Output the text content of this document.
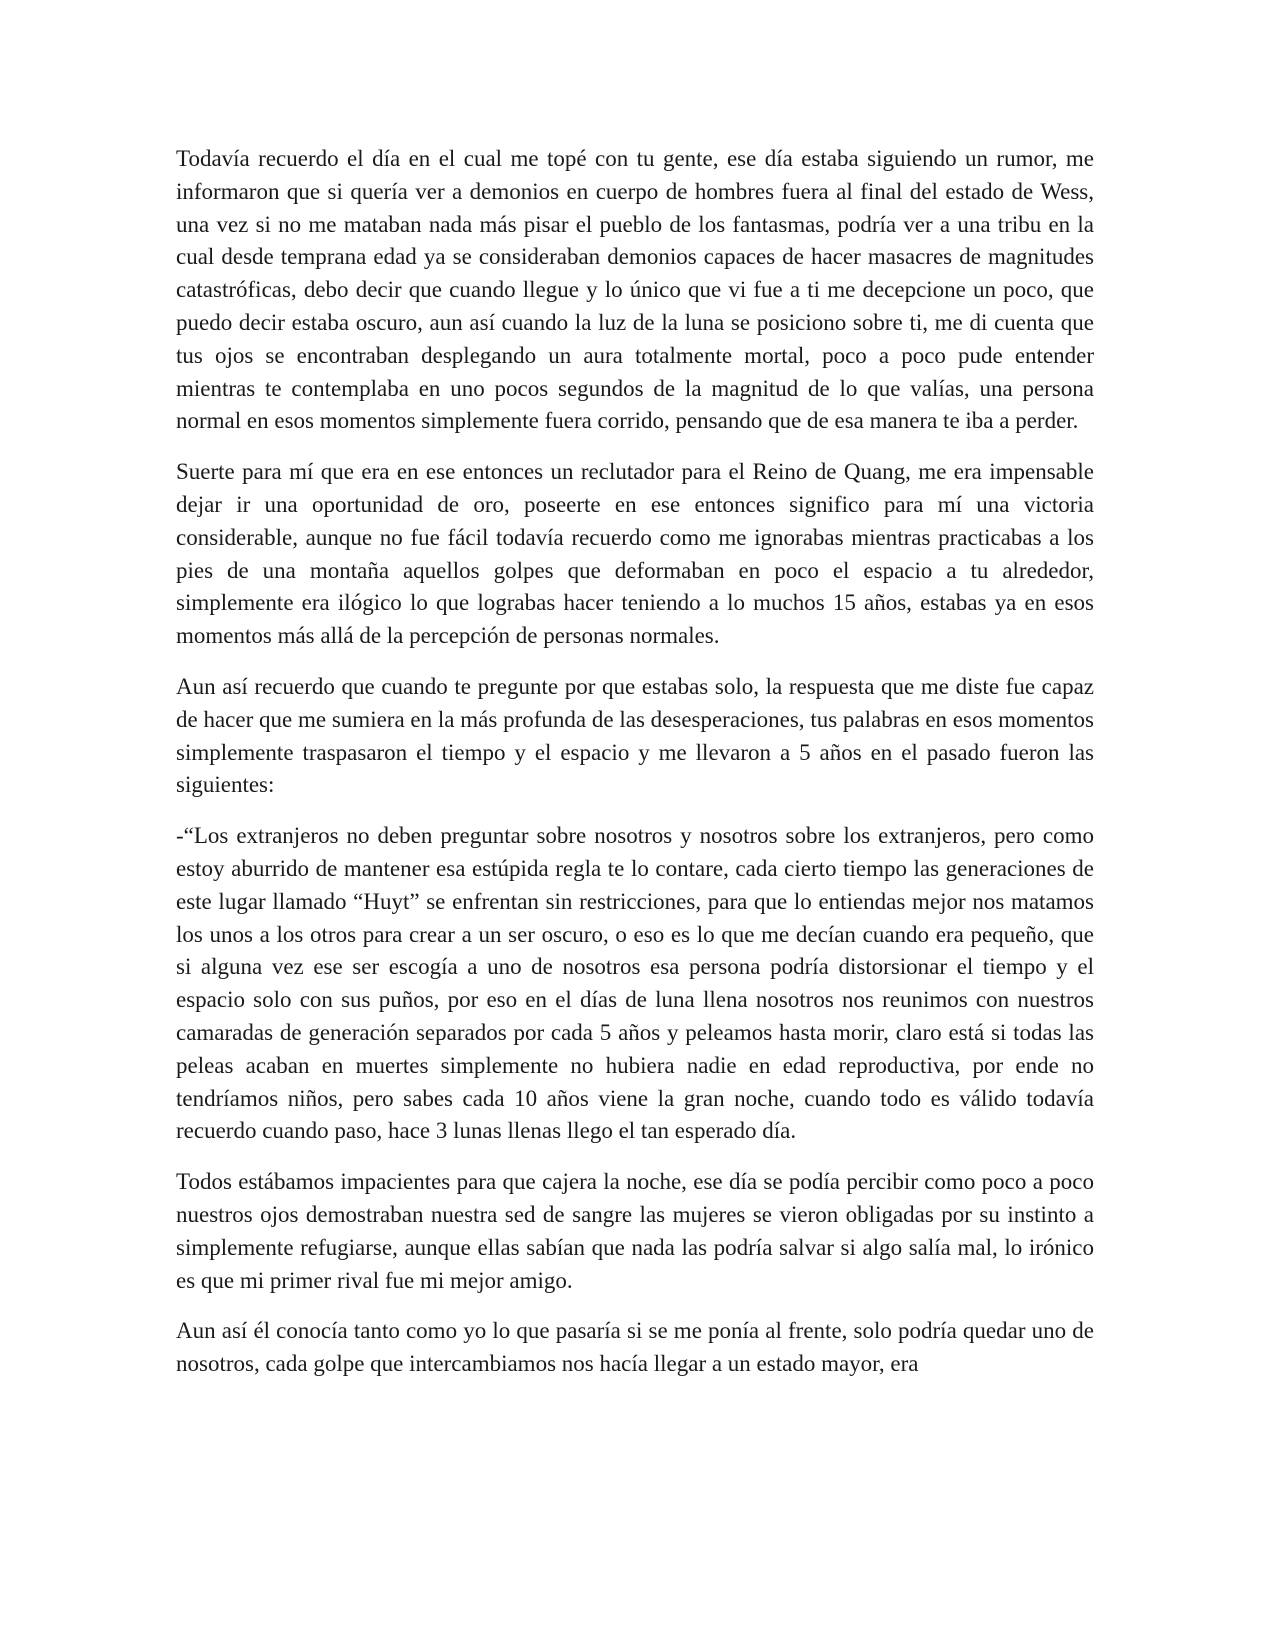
Todavía recuerdo el día en el cual me topé con tu gente, ese día estaba siguiendo un rumor, me informaron que si quería ver a demonios en cuerpo de hombres fuera al final del estado de Wess, una vez si no me mataban nada más pisar el pueblo de los fantasmas, podría ver a una tribu en la cual desde temprana edad ya se consideraban demonios capaces de hacer masacres de magnitudes catastróficas, debo decir que cuando llegue y lo único que vi fue a ti me decepcione un poco, que puedo decir estaba oscuro, aun así cuando la luz de la luna se posiciono sobre ti, me di cuenta que tus ojos se encontraban desplegando un aura totalmente mortal, poco a poco pude entender mientras te contemplaba en uno pocos segundos de la magnitud de lo que valías, una persona normal en esos momentos simplemente fuera corrido, pensando que de esa manera te iba a perder.

Suerte para mí que era en ese entonces un reclutador para el Reino de Quang, me era impensable dejar ir una oportunidad de oro, poseerte en ese entonces significo para mí una victoria considerable, aunque no fue fácil todavía recuerdo como me ignorabas mientras practicabas a los pies de una montaña aquellos golpes que deformaban en poco el espacio a tu alrededor, simplemente era ilógico lo que lograbas hacer teniendo a lo muchos 15 años, estabas ya en esos momentos más allá de la percepción de personas normales.

Aun así recuerdo que cuando te pregunte por que estabas solo, la respuesta que me diste fue capaz de hacer que me sumiera en la más profunda de las desesperaciones, tus palabras en esos momentos simplemente traspasaron el tiempo y el espacio y me llevaron a 5 años en el pasado fueron las siguientes:

-“Los extranjeros no deben preguntar sobre nosotros y nosotros sobre los extranjeros, pero como estoy aburrido de mantener esa estúpida regla te lo contare, cada cierto tiempo las generaciones de este lugar llamado “Huyt” se enfrentan sin restricciones, para que lo entiendas mejor nos matamos los unos a los otros para crear a un ser oscuro, o eso es lo que me decían cuando era pequeño, que si alguna vez ese ser escogía a uno de nosotros esa persona podría distorsionar el tiempo y el espacio solo con sus puños, por eso en el días de luna llena nosotros nos reunimos con nuestros camaradas de generación separados por cada 5 años y peleamos hasta morir, claro está si todas las peleas acaban en muertes simplemente no hubiera nadie en edad reproductiva, por ende no tendríamos niños, pero sabes cada 10 años viene la gran noche, cuando todo es válido todavía recuerdo cuando paso, hace 3 lunas llenas llego el tan esperado día.

Todos estábamos impacientes para que cajera la noche, ese día se podía percibir como poco a poco nuestros ojos demostraban nuestra sed de sangre las mujeres se vieron obligadas por su instinto a simplemente refugiarse, aunque ellas sabían que nada las podría salvar si algo salía mal, lo irónico es que mi primer rival fue mi mejor amigo.

Aun así él conocía tanto como yo lo que pasaría si se me ponía al frente, solo podría quedar uno de nosotros, cada golpe que intercambiamos nos hacía llegar a un estado mayor, era
